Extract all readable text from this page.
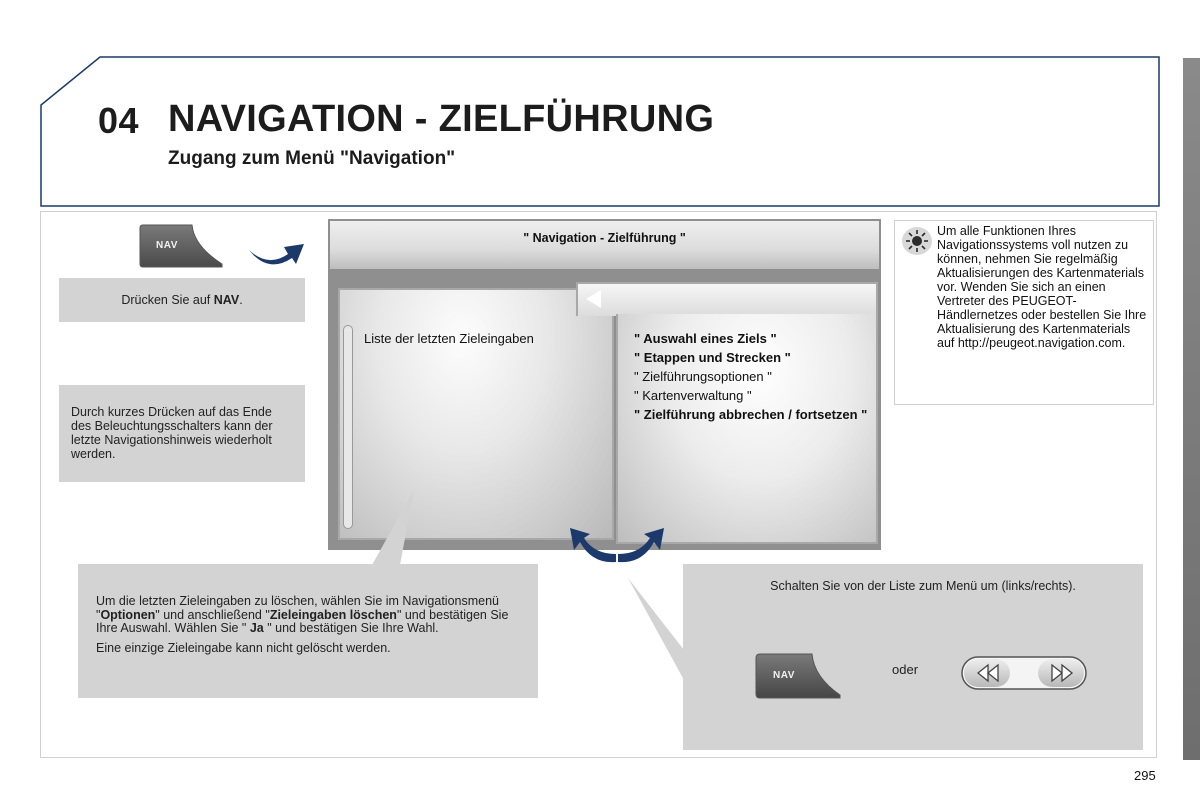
04 NAVIGATION - ZIELFÜHRUNG
Zugang zum Menü "Navigation"
NAV
Drücken Sie auf NAV.
Durch kurzes Drücken auf das Ende des Beleuchtungsschalters kann der letzte Navigationshinweis wiederholt werden.
" Navigation - Zielführung "
Liste der letzten Zieleingaben	" Auswahl eines Ziels "
" Etappen und Strecken "
" Zielführungsoptionen "
" Kartenverwaltung "
" Zielführung abbrechen / fortsetzen "
Um alle Funktionen Ihres Navigationssystems voll nutzen zu können, nehmen Sie regelmäßig Aktualisierungen des Kartenmaterials vor. Wenden Sie sich an einen Vertreter des PEUGEOT-Händlernetzes oder bestellen Sie Ihre Aktualisierung des Kartenmaterials auf http://peugeot.navigation.com.
Um die letzten Zieleingaben zu löschen, wählen Sie im Navigationsmenü "Optionen" und anschließend "Zieleingaben löschen" und bestätigen Sie Ihre Auswahl. Wählen Sie " Ja " und bestätigen Sie Ihre Wahl.
Eine einzige Zieleingabe kann nicht gelöscht werden.
Schalten Sie von der Liste zum Menü um (links/rechts).
NAV	oder
295
